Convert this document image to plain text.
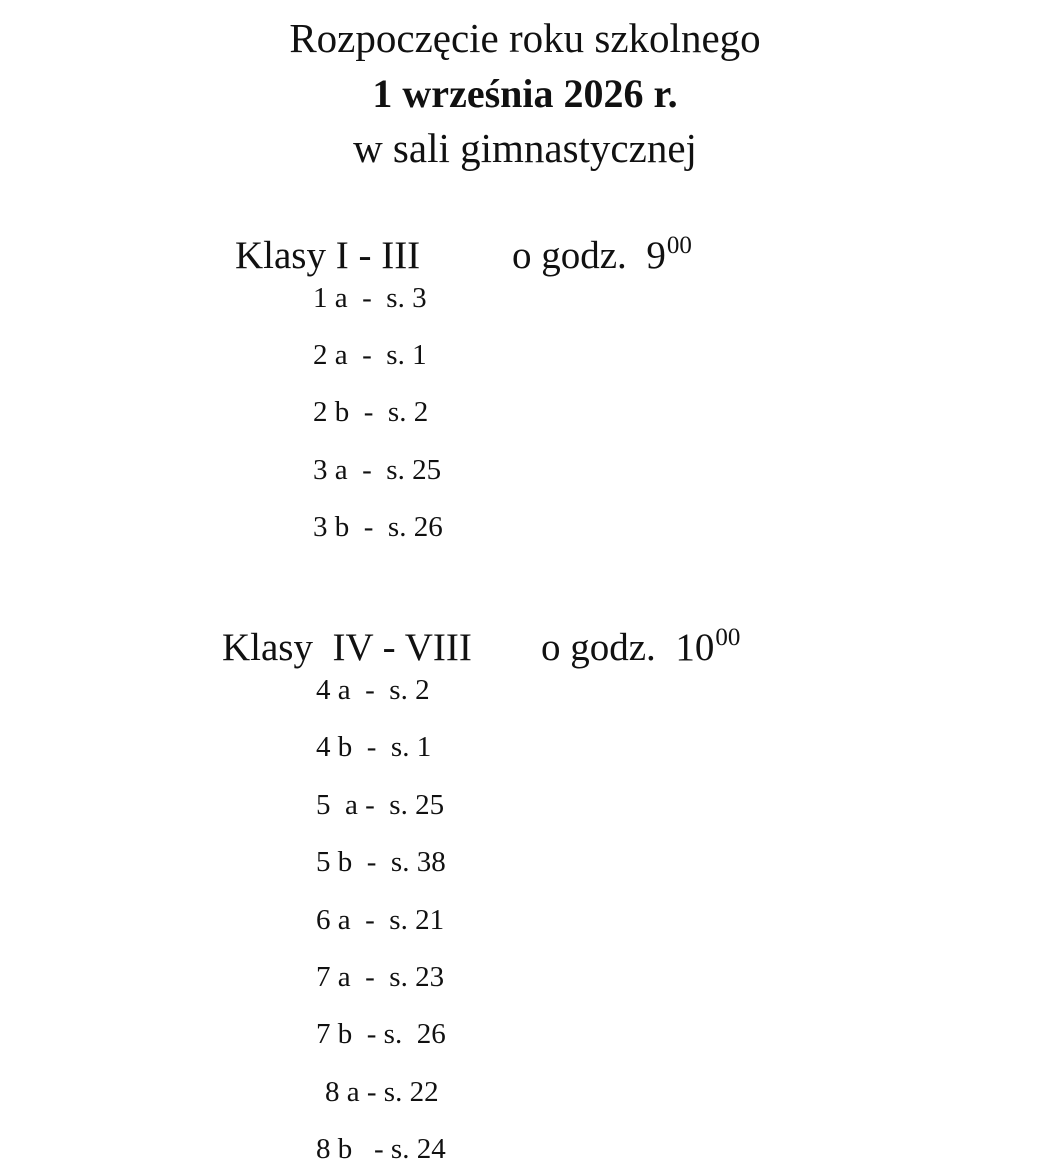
Rozpoczęcie roku szkolnego
1 września 2026 r.
w sali gimnastycznej
Klasy I - III o godz.  $9^{00}$
1 a  -  s. 3
2 a  -  s. 1
2 b  -  s. 2
3 a  -  s. 25
3 b  -  s. 26
Klasy  IV - VIII o godz.  $10^{00}$
4 a  -  s. 2
4 b  -  s. 1
5  a -  s. 25
5 b  -  s. 38
6 a  -  s. 21
7 a  -  s. 23
7 b  - s.  26
8 a - s. 22
8 b   - s. 24
